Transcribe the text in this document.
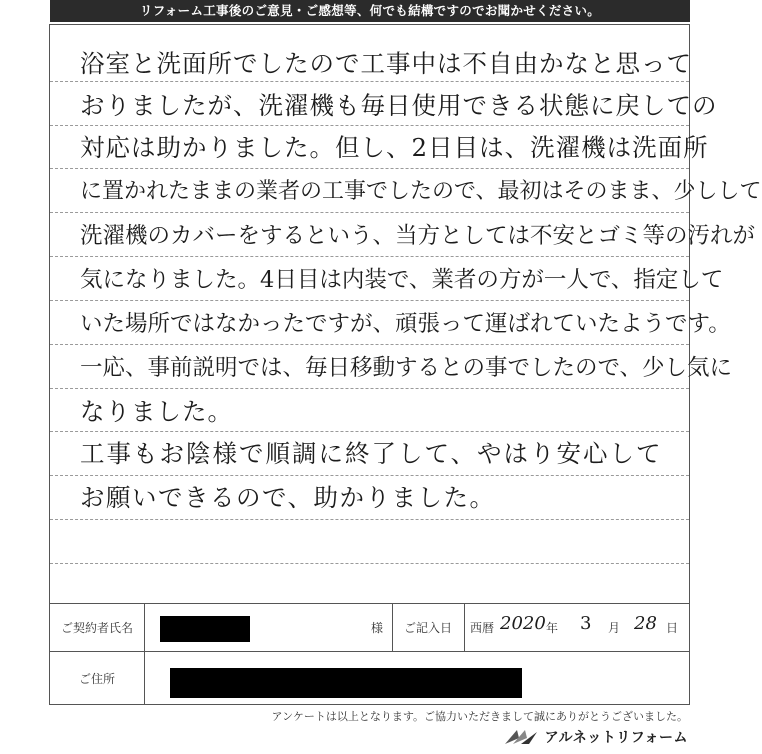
リフォーム工事後のご意見・ご感想等、何でも結構ですのでお聞かせください。
浴室と洗面所でしたので工事中は不自由かなと思って
おりましたが、洗濯機も毎日使用できる状態に戻しての
対応は助かりました。但し、2日目は、洗濯機は洗面所
に置かれたままの業者の工事でしたので、最初はそのまま、少しして
洗濯機のカバーをするという、当方としては不安とゴミ等の汚れが
気になりました。4日目は内装で、業者の方が一人で、指定して
いた場所ではなかったですが、頑張って運ばれていたようです。
一応、事前説明では、毎日移動するとの事でしたので、少し気に
なりました。
工事もお陰様で順調に終了して、やはり安心して
お願いできるので、助かりました。
ご契約者氏名	様	ご記入日	西暦 2020 年 3 月 28 日
ご住所
アンケートは以上となります。ご協力いただきまして誠にありがとうございました。
アルネットリフォーム
